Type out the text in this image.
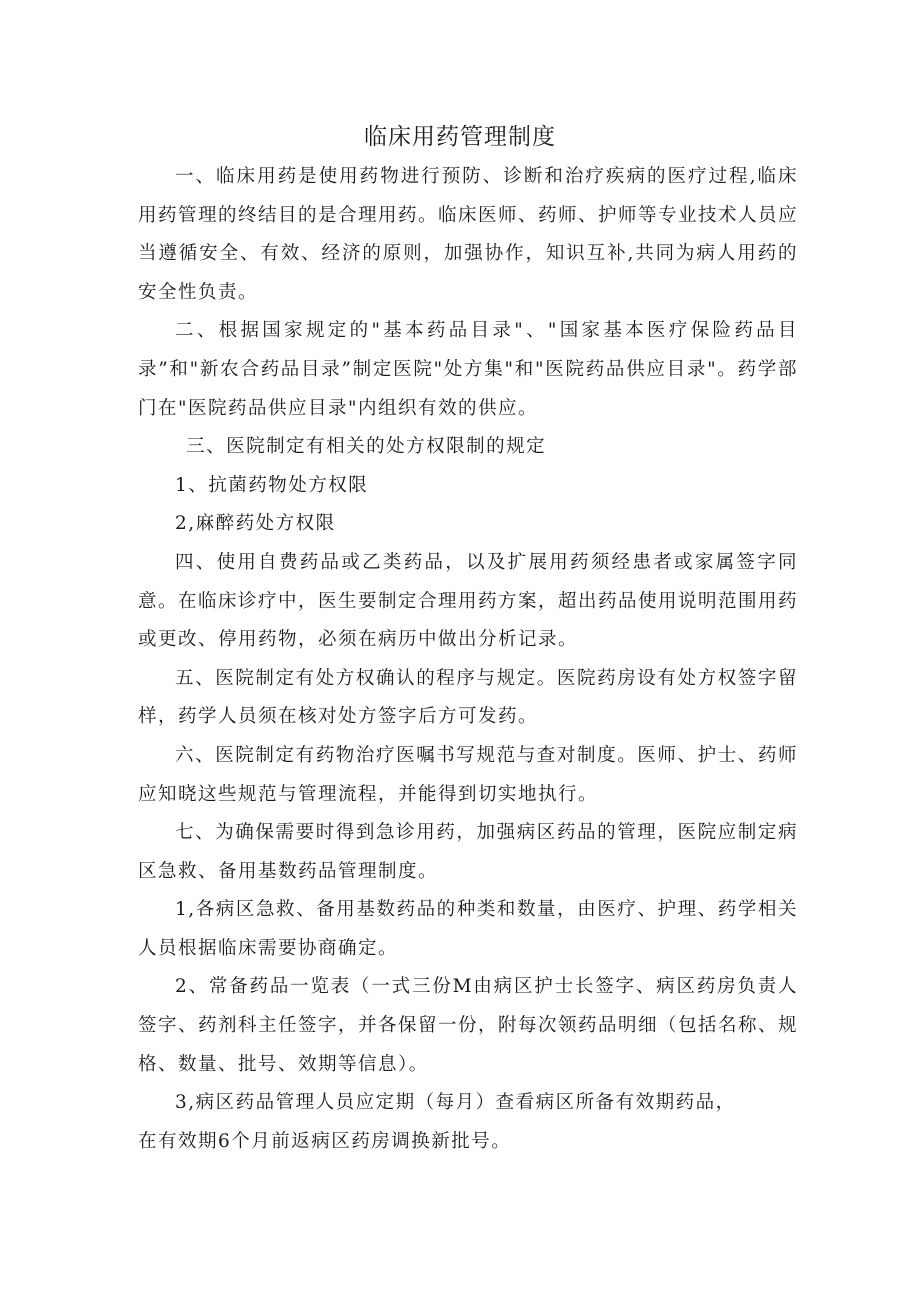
临床用药管理制度

一、临床用药是使用药物进行预防、诊断和治疗疾病的医疗过程,临床用药管理的终结目的是合理用药。临床医师、药师、护师等专业技术人员应当遵循安全、有效、经济的原则，加强协作，知识互补,共同为病人用药的安全性负责。

二、根据国家规定的"基本药品目录"、"国家基本医疗保险药品目录”和"新农合药品目录”制定医院"处方集"和"医院药品供应目录"。药学部门在"医院药品供应目录"内组织有效的供应。

三、医院制定有相关的处方权限制的规定

1、抗菌药物处方权限

2,麻醉药处方权限

四、使用自费药品或乙类药品，以及扩展用药须经患者或家属签字同意。在临床诊疗中，医生要制定合理用药方案，超出药品使用说明范围用药或更改、停用药物，必须在病历中做出分析记录。

五、医院制定有处方权确认的程序与规定。医院药房设有处方权签字留样，药学人员须在核对处方签字后方可发药。

六、医院制定有药物治疗医嘱书写规范与查对制度。医师、护士、药师应知晓这些规范与管理流程，并能得到切实地执行。

七、为确保需要时得到急诊用药，加强病区药品的管理，医院应制定病区急救、备用基数药品管理制度。

1,各病区急救、备用基数药品的种类和数量，由医疗、护理、药学相关人员根据临床需要协商确定。

2、常备药品一览表（一式三份M由病区护士长签字、病区药房负责人签字、药剂科主任签字，并各保留一份，附每次领药品明细（包括名称、规格、数量、批号、效期等信息）。

3,病区药品管理人员应定期（每月）查看病区所备有效期药品，

在有效期6个月前返病区药房调换新批号。
